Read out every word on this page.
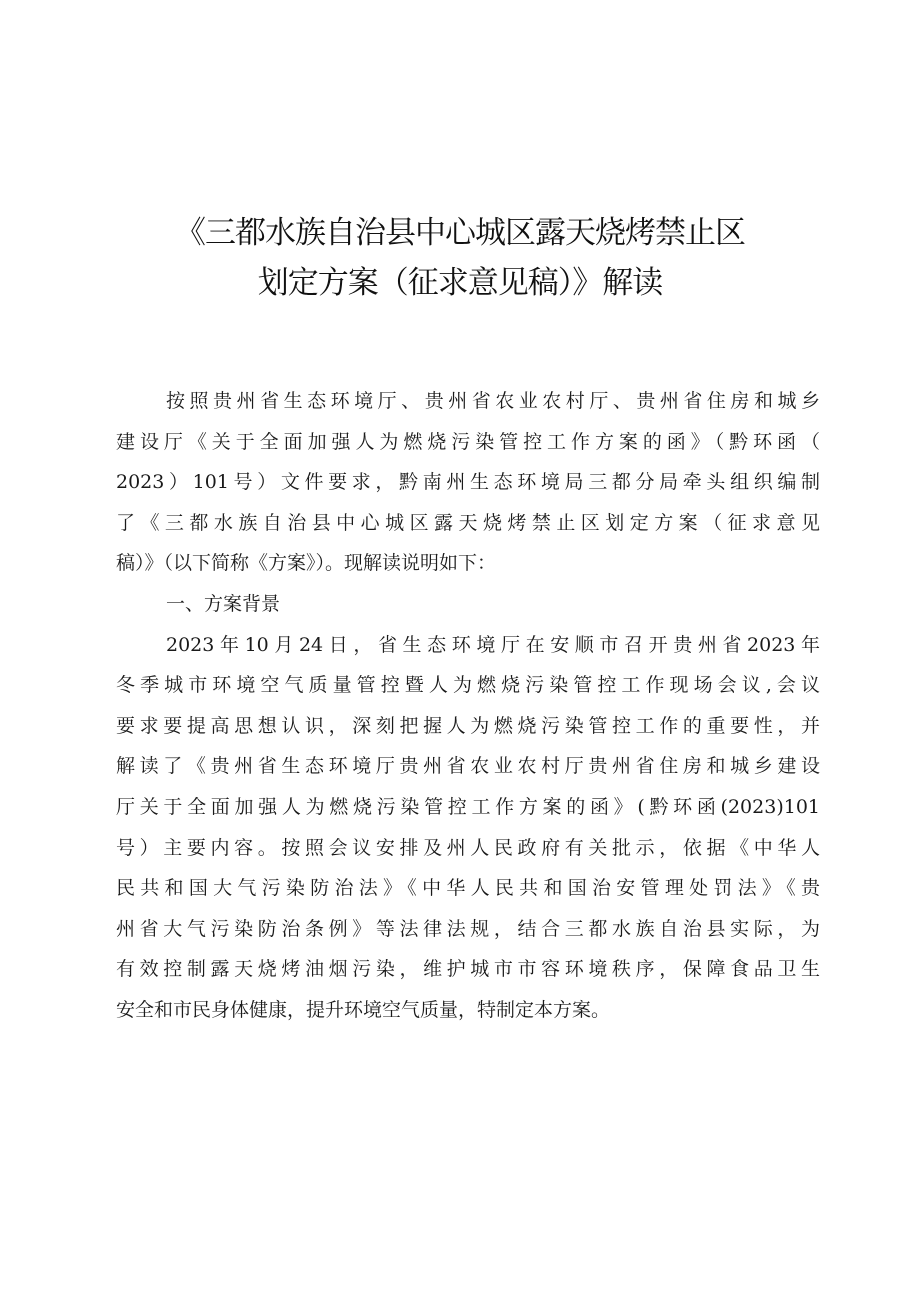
《三都水族自治县中心城区露天烧烤禁止区
划定方案（征求意见稿）》解读
按照贵州省生态环境厅、贵州省农业农村厅、贵州省住房和城乡
建设厅《关于全面加强人为燃烧污染管控工作方案的函》（黔环函（
2023）101号）文件要求，黔南州生态环境局三都分局牵头组织编制
了《三都水族自治县中心城区露天烧烤禁止区划定方案（征求意见
稿）》（以下简称《方案》）。现解读说明如下：
一、方案背景
2023年10月24日，省生态环境厅在安顺市召开贵州省2023年
冬季城市环境空气质量管控暨人为燃烧污染管控工作现场会议,会议
要求要提高思想认识，深刻把握人为燃烧污染管控工作的重要性，并
解读了《贵州省生态环境厅贵州省农业农村厅贵州省住房和城乡建设
厅关于全面加强人为燃烧污染管控工作方案的函》(黔环函(2023)101
号）主要内容。按照会议安排及州人民政府有关批示，依据《中华人
民共和国大气污染防治法》《中华人民共和国治安管理处罚法》《贵
州省大气污染防治条例》等法律法规，结合三都水族自治县实际，为
有效控制露天烧烤油烟污染，维护城市市容环境秩序，保障食品卫生
安全和市民身体健康，提升环境空气质量，特制定本方案。
